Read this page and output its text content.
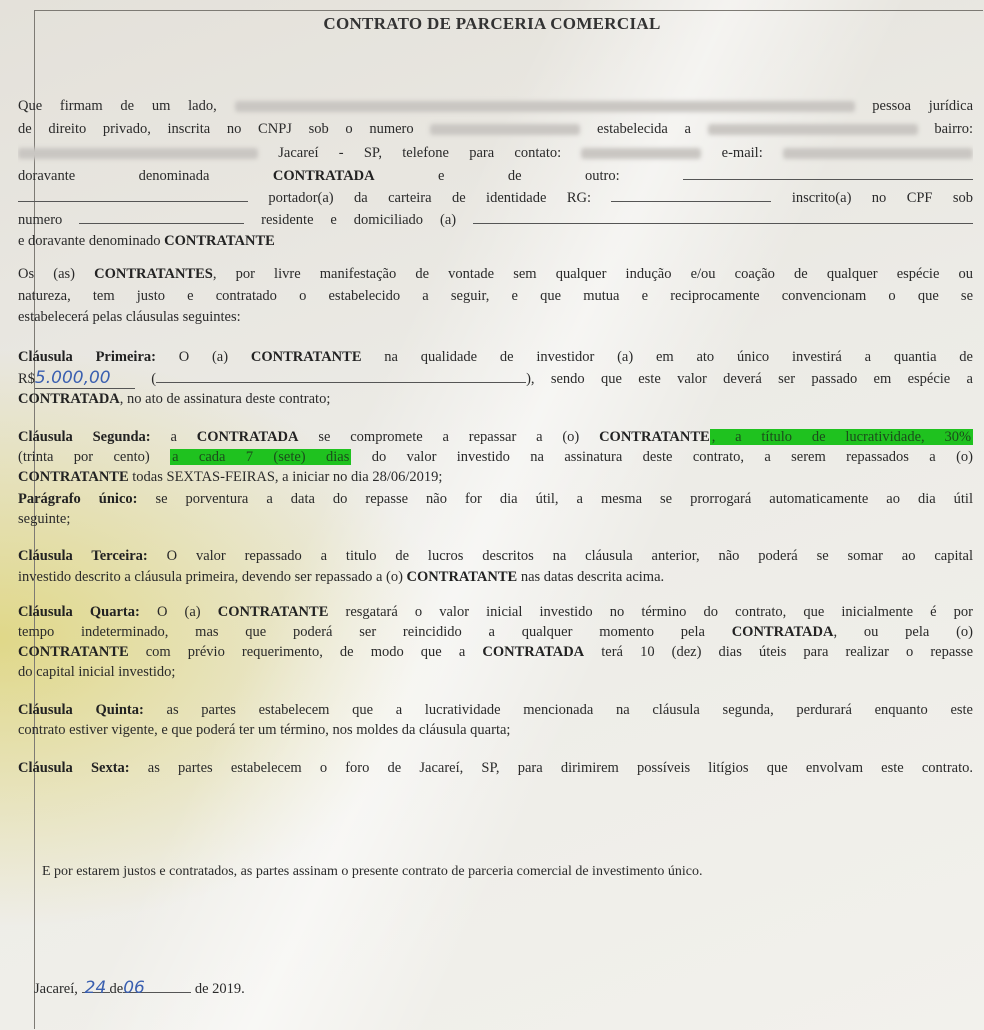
CONTRATO DE PARCERIA COMERCIAL
Que firmam de um lado,	pessoa jurídica
de direito privado, inscrita no CNPJ sob o numero	estabelecida a	bairro:
Jacareí - SP, telefone para contato:	e-mail:
doravante denominada	CONTRATADA	e de outro:
portador(a) da carteira de identidade RG:	inscrito(a) no CPF sob
numero	residente e domiciliado (a)
e doravante denominado CONTRATANTE
Os (as) CONTRATANTES, por livre manifestação de vontade sem qualquer indução e/ou coação de qualquer espécie ou
natureza, tem justo e contratado o estabelecido a seguir, e que mutua e reciprocamente convencionam o que se
estabelecerá pelas cláusulas seguintes:
Cláusula Primeira: O (a) CONTRATANTE na qualidade de investidor (a) em ato único investirá a quantia de
R$5.000,00	(	), sendo que este valor deverá ser passado em espécie a
CONTRATADA, no ato de assinatura deste contrato;
Cláusula Segunda: a CONTRATADA se compromete a repassar a (o) CONTRATANTE , a título de lucratividade, 30%
(trinta por cento) a cada 7 (sete) dias do valor investido na assinatura deste contrato, a serem repassados a (o)
CONTRATANTE todas SEXTAS-FEIRAS, a iniciar no dia 28/06/2019;
Parágrafo único: se porventura a data do repasse não for dia útil, a mesma se prorrogará automaticamente ao dia útil
seguinte;
Cláusula Terceira: O valor repassado a titulo de lucros descritos na cláusula anterior, não poderá se somar ao capital
investido descrito a cláusula primeira, devendo ser repassado a (o) CONTRATANTE nas datas descrita acima.
Cláusula Quarta: O (a) CONTRATANTE resgatará o valor inicial investido no término do contrato, que inicialmente é por
tempo indeterminado, mas que poderá ser reincidido a qualquer momento pela CONTRATADA, ou pela (o)
CONTRATANTE com prévio requerimento, de modo que a CONTRATADA terá 10 (dez) dias úteis para realizar o repasse
do capital inicial investido;
Cláusula Quinta: as partes estabelecem que a lucratividade mencionada na cláusula segunda, perdurará enquanto este
contrato estiver vigente, e que poderá ter um término, nos moldes da cláusula quarta;
Cláusula Sexta: as partes estabelecem o foro de Jacareí, SP, para dirimirem possíveis litígios que envolvam este contrato.
E por estarem justos e contratados, as partes assinam o presente contrato de parceria comercial de investimento único.
Jacareí, 24 de06	de 2019.
